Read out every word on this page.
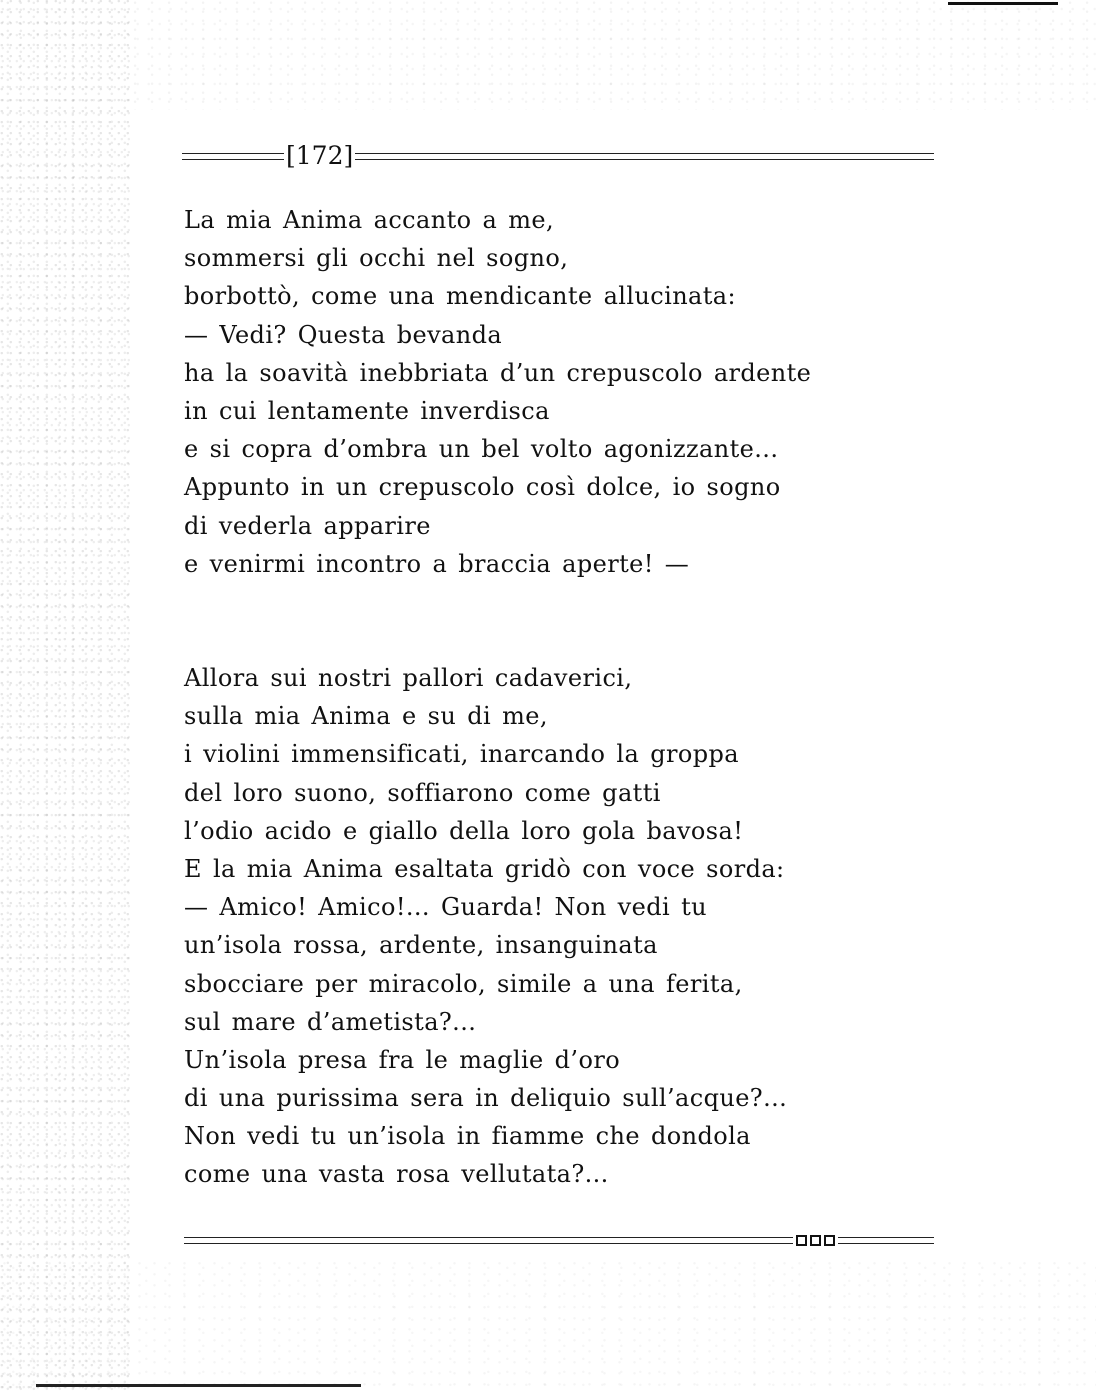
[172]
La mia Anima accanto a me,
sommersi gli occhi nel sogno,
borbottò, come una mendicante allucinata:
— Vedi? Questa bevanda
ha la soavità inebbriata d’un crepuscolo ardente
in cui lentamente inverdisca
e si copra d’ombra un bel volto agonizzante...
Appunto in un crepuscolo così dolce, io sogno
di vederla apparire
e venirmi incontro a braccia aperte! —
Allora sui nostri pallori cadaverici,
sulla mia Anima e su di me,
i violini immensificati, inarcando la groppa
del loro suono, soffiarono come gatti
l’odio acido e giallo della loro gola bavosa!
E la mia Anima esaltata gridò con voce sorda:
— Amico! Amico!... Guarda! Non vedi tu
un’isola rossa, ardente, insanguinata
sbocciare per miracolo, simile a una ferita,
sul mare d’ametista?...
Un’isola presa fra le maglie d’oro
di una purissima sera in deliquio sull’acque?...
Non vedi tu un’isola in fiamme che dondola
come una vasta rosa vellutata?...
